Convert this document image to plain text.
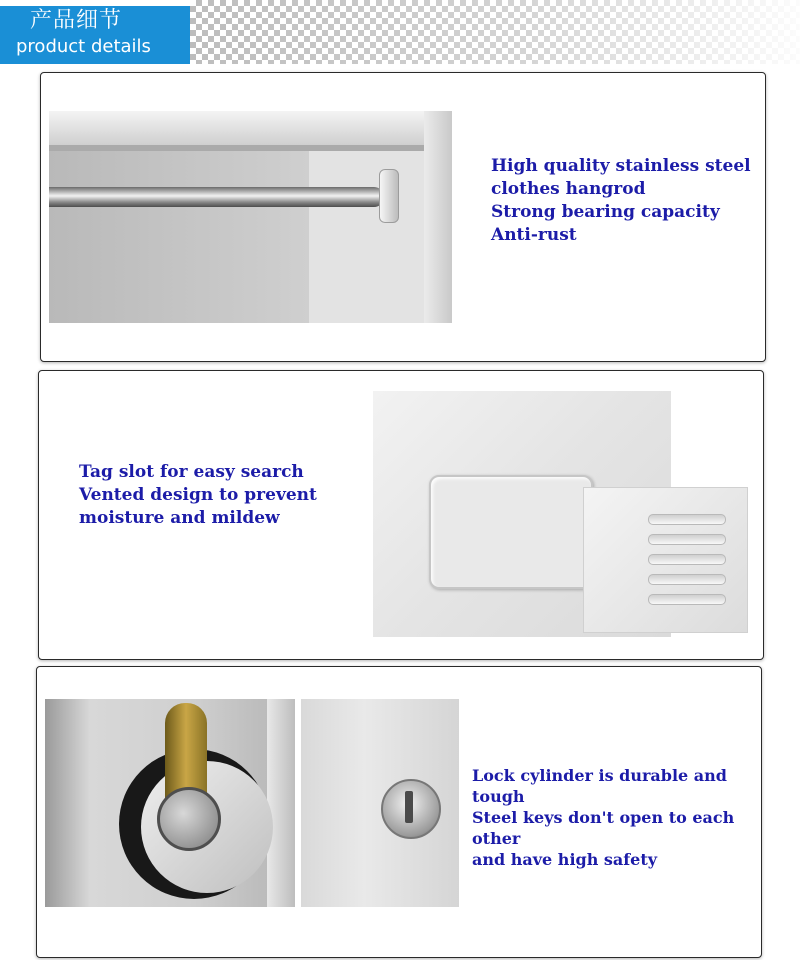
产品细节
product details
High quality stainless steel
clothes hangrod
Strong bearing capacity
Anti-rust
Tag slot for easy search
Vented design to prevent
moisture and mildew
Lock cylinder is durable and tough
Steel keys don't open to each other
and have high safety
